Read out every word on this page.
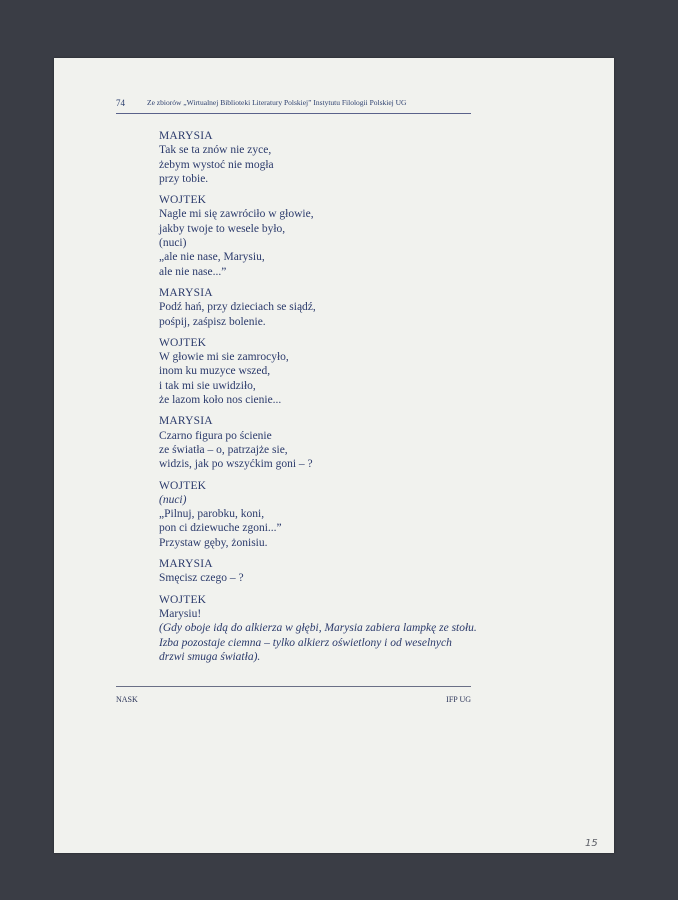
74	Ze zbiorów „Wirtualnej Biblioteki Literatury Polskiej” Instytutu Filologii Polskiej UG
MARYSIA
Tak se ta znów nie zyce,
żebym wystoć nie mogła
przy tobie.
WOJTEK
Nagle mi się zawróciło w głowie,
jakby twoje to wesele było,
(nuci)
„ale nie nase, Marysiu,
ale nie nase...”
MARYSIA
Podź hań, przy dzieciach se siądź,
pośpij, zaśpisz bolenie.
WOJTEK
W głowie mi sie zamrocyło,
inom ku muzyce wszed,
i tak mi sie uwidziło,
że lazom koło nos cienie...
MARYSIA
Czarno figura po ścienie
ze światła – o, patrzajże sie,
widzis, jak po wszyćkim goni – ?
WOJTEK
(nuci)
„Pilnuj, parobku, koni,
pon ci dziewuche zgoni...”
Przystaw gęby, żonisiu.
MARYSIA
Smęcisz czego – ?
WOJTEK
Marysiu!
(Gdy oboje idą do alkierza w głębi, Marysia zabiera lampkę ze stołu. Izba pozostaje ciemna – tylko alkierz oświetlony i od weselnych drzwi smuga światła).
NASK	IFP UG
15
